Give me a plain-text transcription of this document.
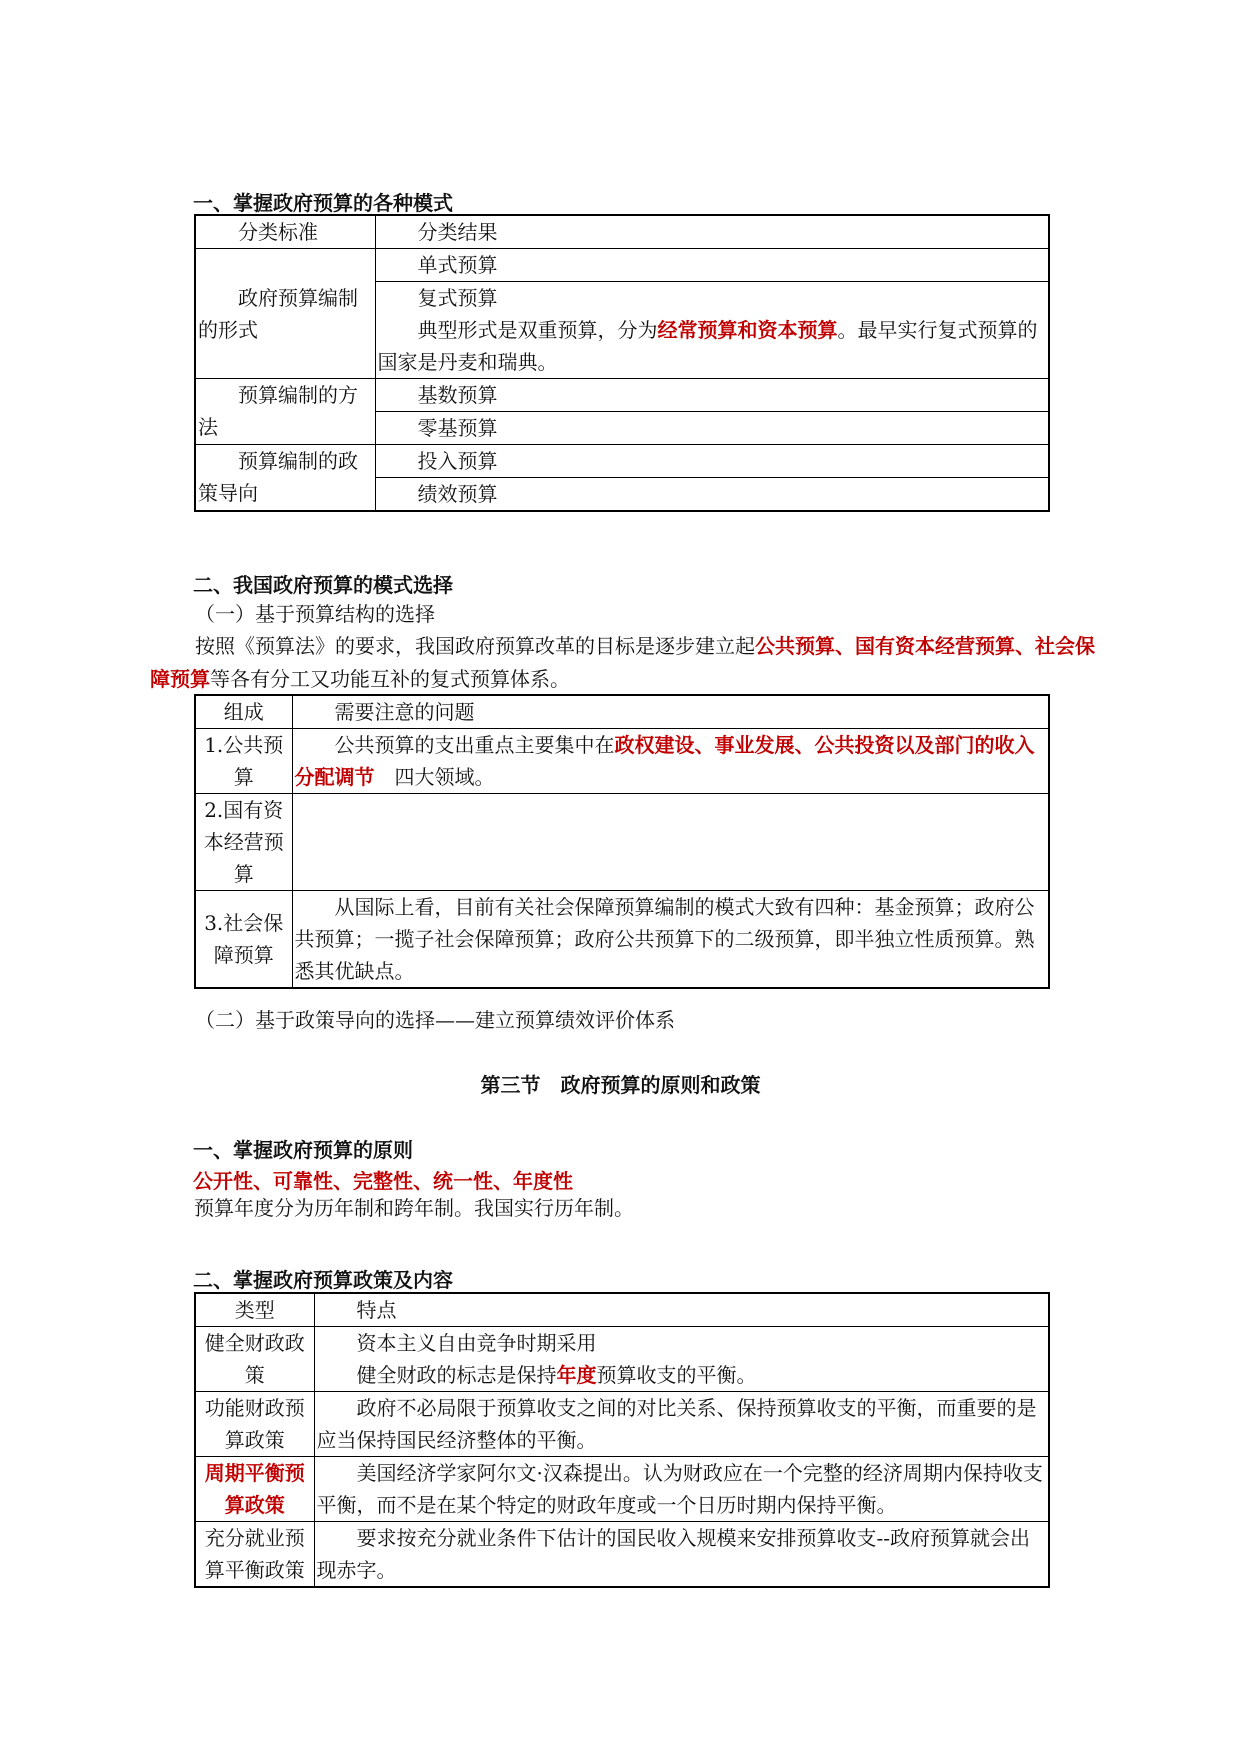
一、掌握政府预算的各种模式
分类标准	分类结果
政府预算编制的形式	单式预算

	复式预算
典型形式是双重预算，分为经常预算和资本预算。最早实行复式预算的国家是丹麦和瑞典。

预算编制的方法	基数预算
	零基预算
预算编制的政策导向	投入预算
	绩效预算
二、我国政府预算的模式选择
（一）基于预算结构的选择
按照《预算法》的要求，我国政府预算改革的目标是逐步建立起公共预算、国有资本经营预算、社会保障预算等各有分工又功能互补的复式预算体系。
组成	需要注意的问题
1.公共预算	公共预算的支出重点主要集中在政权建设、事业发展、公共投资以及部门的收入分配调节　四大领域。
2.国有资本经营预算	
3.社会保障预算	从国际上看，目前有关社会保障预算编制的模式大致有四种：基金预算；政府公共预算；一揽子社会保障预算；政府公共预算下的二级预算，即半独立性质预算。熟悉其优缺点。
（二）基于政策导向的选择——建立预算绩效评价体系
第三节　政府预算的原则和政策
一、掌握政府预算的原则
公开性、可靠性、完整性、统一性、年度性
预算年度分为历年制和跨年制。我国实行历年制。
二、掌握政府预算政策及内容
类型	特点
健全财政政策	资本主义自由竞争时期采用
健全财政的标志是保持年度预算收支的平衡。

功能财政预算政策	政府不必局限于预算收支之间的对比关系、保持预算收支的平衡，而重要的是应当保持国民经济整体的平衡。
周期平衡预算政策	美国经济学家阿尔文·汉森提出。认为财政应在一个完整的经济周期内保持收支平衡，而不是在某个特定的财政年度或一个日历时期内保持平衡。
充分就业预算平衡政策	要求按充分就业条件下估计的国民收入规模来安排预算收支--政府预算就会出现赤字。
